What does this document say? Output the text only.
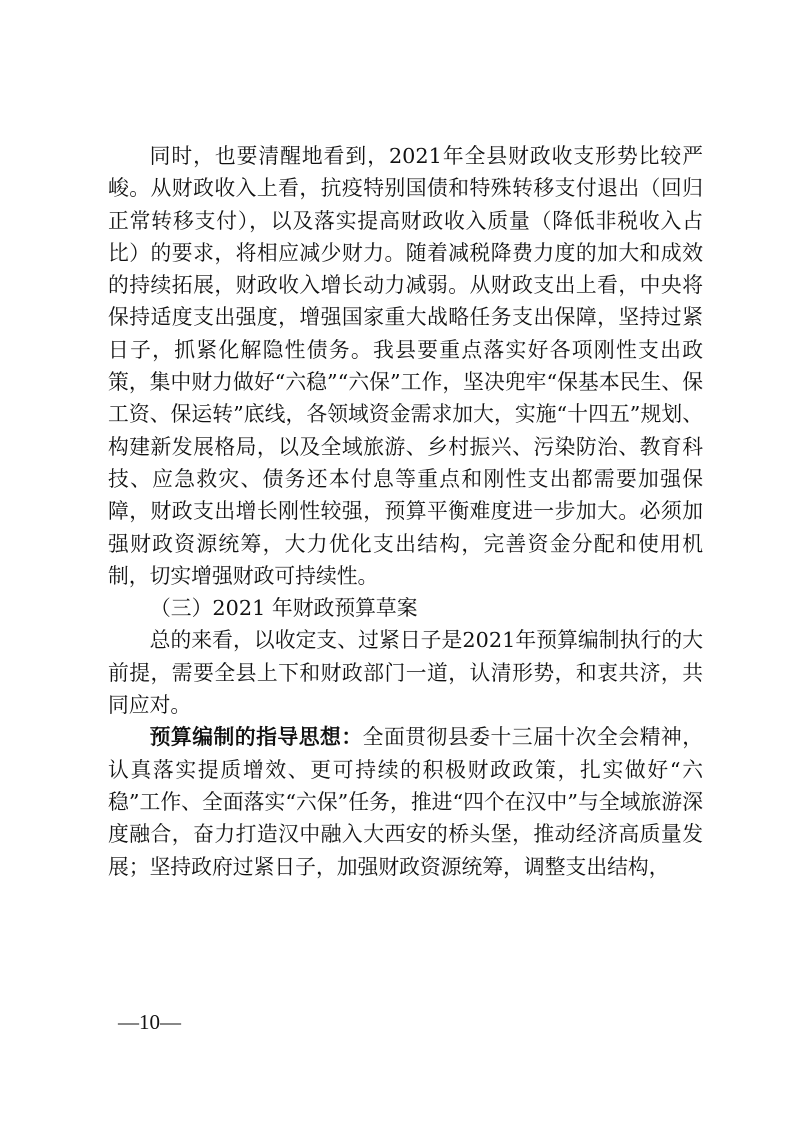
同时，也要清醒地看到，2021年全县财政收支形势比较严峻。从财政收入上看，抗疫特别国债和特殊转移支付退出（回归正常转移支付），以及落实提高财政收入质量（降低非税收入占比）的要求，将相应减少财力。随着减税降费力度的加大和成效的持续拓展，财政收入增长动力减弱。从财政支出上看，中央将保持适度支出强度，增强国家重大战略任务支出保障，坚持过紧日子，抓紧化解隐性债务。我县要重点落实好各项刚性支出政策，集中财力做好“六稳”“六保”工作，坚决兜牢“保基本民生、保工资、保运转”底线，各领域资金需求加大，实施“十四五”规划、构建新发展格局，以及全域旅游、乡村振兴、污染防治、教育科技、应急救灾、债务还本付息等重点和刚性支出都需要加强保障，财政支出增长刚性较强，预算平衡难度进一步加大。必须加强财政资源统筹，大力优化支出结构，完善资金分配和使用机制，切实增强财政可持续性。

（三）2021 年财政预算草案

总的来看，以收定支、过紧日子是2021年预算编制执行的大前提，需要全县上下和财政部门一道，认清形势，和衷共济，共同应对。

预算编制的指导思想：全面贯彻县委十三届十次全会精神，认真落实提质增效、更可持续的积极财政政策，扎实做好“六稳”工作、全面落实“六保”任务，推进“四个在汉中”与全域旅游深度融合，奋力打造汉中融入大西安的桥头堡，推动经济高质量发展；坚持政府过紧日子，加强财政资源统筹，调整支出结构，

—10—
